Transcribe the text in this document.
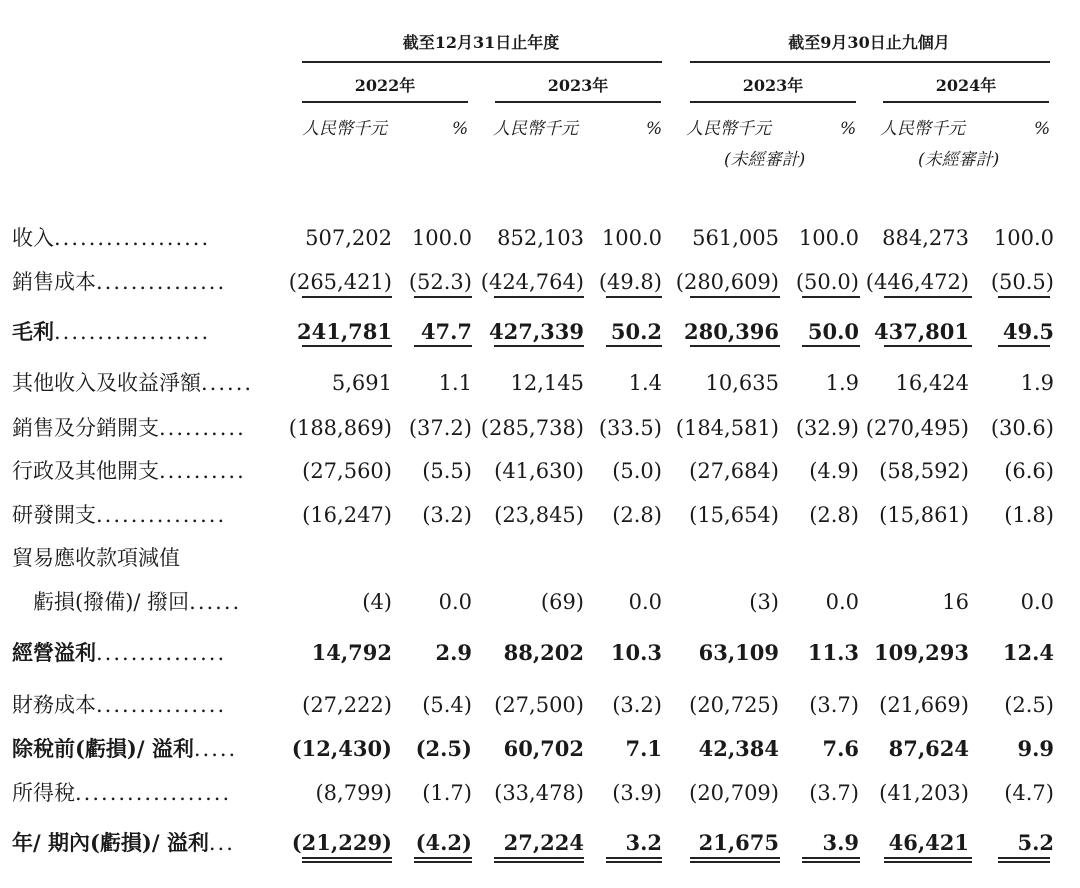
截至12月31日止年度	截至9月30日止九個月
2022年	2023年	2023年	2024年
人民幣千元	% 人民幣千元	% 人民幣千元	% 人民幣千元	%
(未經審計)	(未經審計)
收入..................	507,202 100.0 852,103 100.0 561,005 100.0 884,273 100.0
銷售成本...............	(265,421) (52.3) (424,764) (49.8) (280,609) (50.0) (446,472) (50.5)
毛利..................	241,781 47.7 427,339 50.2 280,396 50.0 437,801 49.5
其他收入及收益淨額......	5,691 1.1 12,145 1.4 10,635 1.9 16,424 1.9
銷售及分銷開支.......... (188,869) (37.2) (285,738) (33.5) (184,581) (32.9) (270,495) (30.6)
行政及其他開支..........	(27,560) (5.5) (41,630) (5.0) (27,684) (4.9) (58,592) (6.6)
研發開支...............	(16,247) (3.2) (23,845) (2.8) (15,654) (2.8) (15,861) (1.8)
貿易應收款項減值
　虧損(撥備)/ 撥回......	(4) 0.0	(69) 0.0	(3) 0.0	16 0.0
經營溢利...............	14,792 2.9 88,202 10.3 63,109 11.3 109,293 12.4
財務成本...............	(27,222) (5.4) (27,500) (3.2) (20,725) (3.7) (21,669) (2.5)
除稅前(虧損)/ 溢利.....	(12,430) (2.5) 60,702 7.1 42,384 7.6 87,624 9.9
所得稅..................	(8,799) (1.7) (33,478) (3.9) (20,709) (3.7) (41,203) (4.7)
年/ 期內(虧損)/ 溢利...	(21,229) (4.2) 27,224 3.2 21,675 3.9 46,421 5.2
